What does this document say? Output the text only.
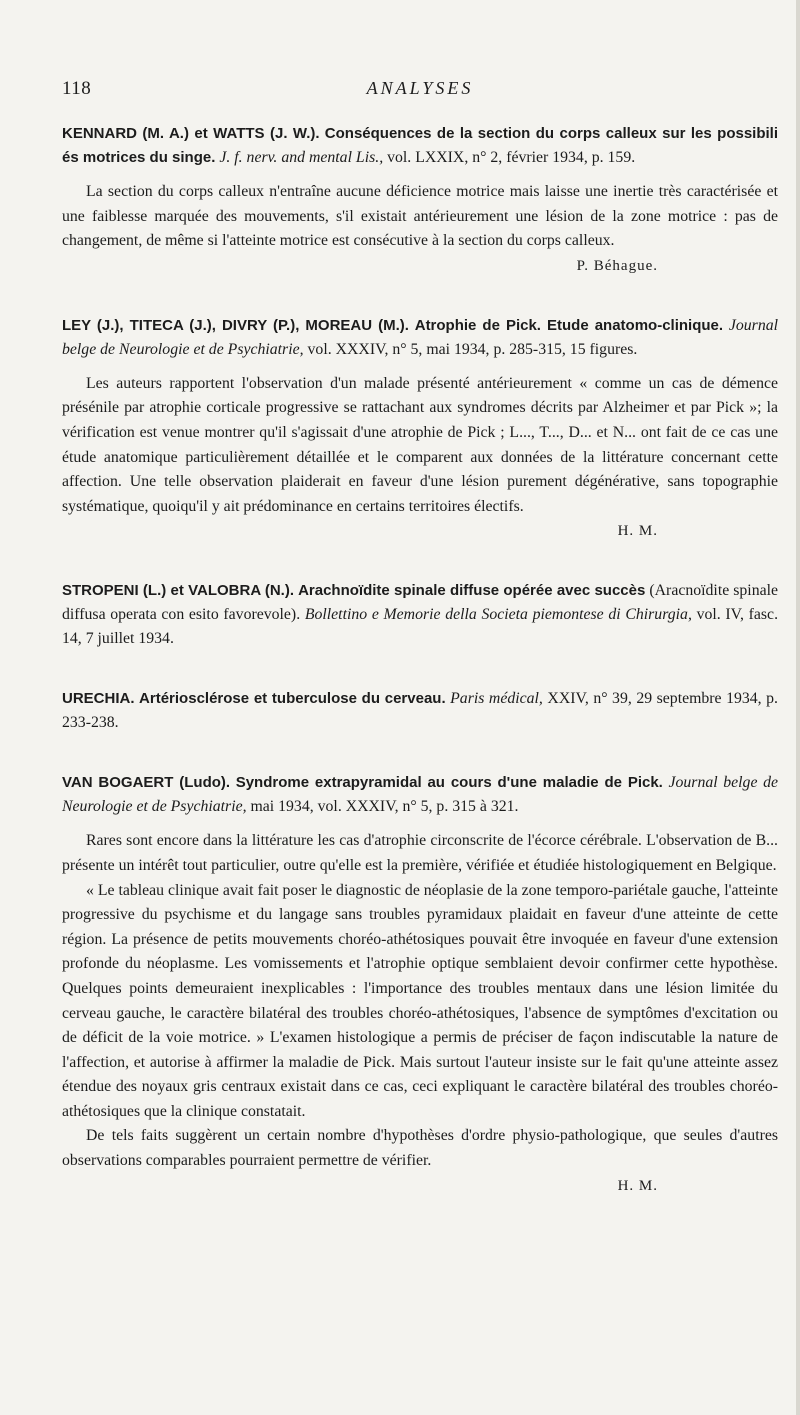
118	ANALYSES
KENNARD (M. A.) et WATTS (J. W.). Conséquences de la section du corps calleux sur les possibili és motrices du singe. J. f. nerv. and mental Lis., vol. LXXIX, n° 2, février 1934, p. 159.

La section du corps calleux n'entraîne aucune déficience motrice mais laisse une inertie très caractérisée et une faiblesse marquée des mouvements, s'il existait antérieurement une lésion de la zone motrice : pas de changement, de même si l'atteinte motrice est consécutive à la section du corps calleux.

P. Béhague.
LEY (J.), TITECA (J.), DIVRY (P.), MOREAU (M.). Atrophie de Pick. Etude anatomo-clinique. Journal belge de Neurologie et de Psychiatrie, vol. XXXIV, n° 5, mai 1934, p. 285-315, 15 figures.

Les auteurs rapportent l'observation d'un malade présenté antérieurement « comme un cas de démence présénile par atrophie corticale progressive se rattachant aux syndromes décrits par Alzheimer et par Pick »; la vérification est venue montrer qu'il s'agissait d'une atrophie de Pick ; L..., T..., D... et N... ont fait de ce cas une étude anatomique particulièrement détaillée et le comparent aux données de la littérature concernant cette affection. Une telle observation plaiderait en faveur d'une lésion purement dégénérative, sans topographie systématique, quoiqu'il y ait prédominance en certains territoires électifs.

H. M.
STROPENI (L.) et VALOBRA (N.). Arachnoïdite spinale diffuse opérée avec succès (Aracnoïdite spinale diffusa operata con esito favorevole). Bollettino e Memorie della Societa piemontese di Chirurgia, vol. IV, fasc. 14, 7 juillet 1934.
URECHIA. Artériosclérose et tuberculose du cerveau. Paris médical, XXIV, n° 39, 29 septembre 1934, p. 233-238.
VAN BOGAERT (Ludo). Syndrome extrapyramidal au cours d'une maladie de Pick. Journal belge de Neurologie et de Psychiatrie, mai 1934, vol. XXXIV, n° 5, p. 315 à 321.

Rares sont encore dans la littérature les cas d'atrophie circonscrite de l'écorce cérébrale. L'observation de B... présente un intérêt tout particulier, outre qu'elle est la première, vérifiée et étudiée histologiquement en Belgique.

« Le tableau clinique avait fait poser le diagnostic de néoplasie de la zone temporo-pariétale gauche, l'atteinte progressive du psychisme et du langage sans troubles pyramidaux plaidait en faveur d'une atteinte de cette région. La présence de petits mouvements choréo-athétosiques pouvait être invoquée en faveur d'une extension profonde du néoplasme. Les vomissements et l'atrophie optique semblaient devoir confirmer cette hypothèse. Quelques points demeuraient inexplicables : l'importance des troubles mentaux dans une lésion limitée du cerveau gauche, le caractère bilatéral des troubles choréo-athétosiques, l'absence de symptômes d'excitation ou de déficit de la voie motrice. » L'examen histologique a permis de préciser de façon indiscutable la nature de l'affection, et autorise à affirmer la maladie de Pick. Mais surtout l'auteur insiste sur le fait qu'une atteinte assez étendue des noyaux gris centraux existait dans ce cas, ceci expliquant le caractère bilatéral des troubles choréo-athétosiques que la clinique constatait.

De tels faits suggèrent un certain nombre d'hypothèses d'ordre physio-pathologique, que seules d'autres observations comparables pourraient permettre de vérifier.

H. M.
